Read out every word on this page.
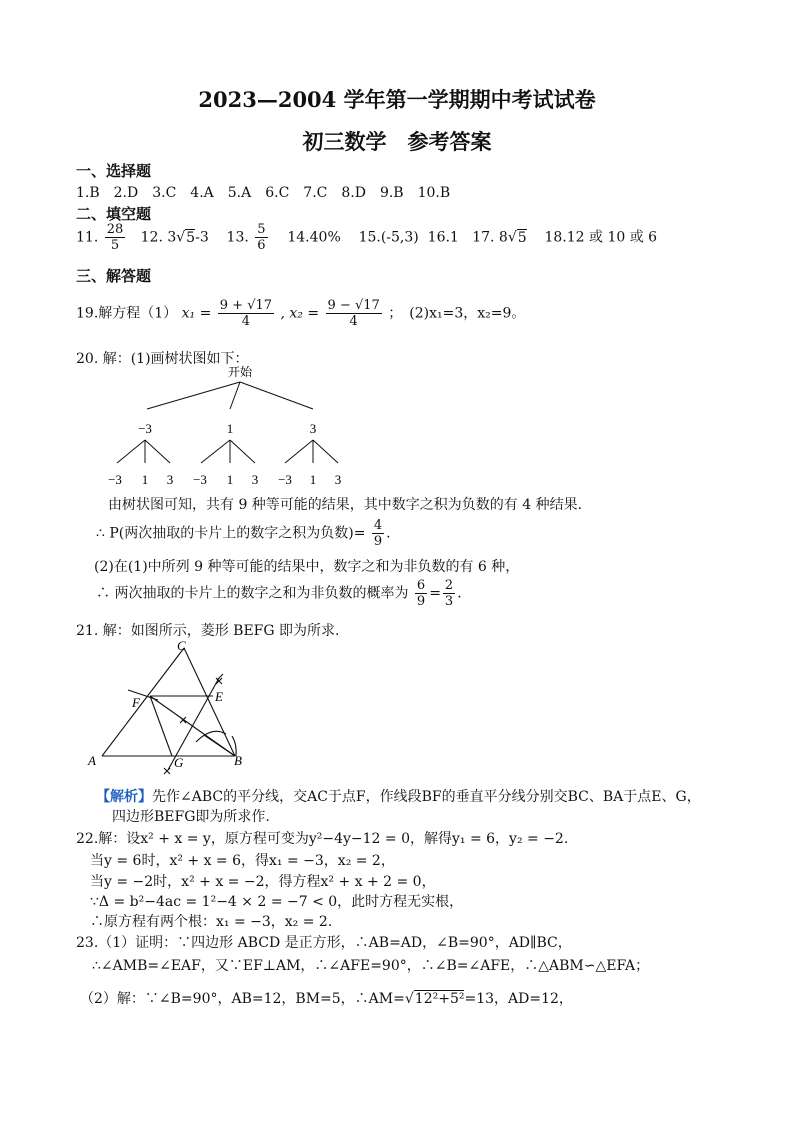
2023—2004 学年第一学期期中考试试卷
初三数学　参考答案
一、选择题
1.B　2.D　3.C　4.A　5.A　6.C　7.C　8.D　9.B　10.B
二、填空题
11. $\frac{28}{5} 12$. 3√5-3 13. $\frac{5}{6} 14.40\%$ 15.(-5,3) 16.1 17. 8√5 18.12 或 10 或 6
三、解答题
19.解方程（1） $x_1 = \frac{9 + √17}{4}$ , $x_2 = \frac{9 - √17}{4}$ ；　(2)x₁=3，x₂=9。
20. 解：(1)画树状图如下：
开始
−3	1	3
−3 1 3 −3 1 3 −3 1 3
由树状图可知，共有 9 种等可能的结果，其中数字之积为负数的有 4 种结果.
∴ P(两次抽取的卡片上的数字之积为负数)= $\frac{4}{9}$ .
(2)在(1)中所列 9 种等可能的结果中，数字之和为非负数的有 6 种，
∴ 两次抽取的卡片上的数字之和为非负数的概率为 $\frac{6}{9} = \frac{2}{3}$ .
21. 解：如图所示，菱形 BEFG 即为所求.
A	B
C
E
F
G
【解析】先作∠ABC的平分线，交AC于点F，作线段BF的垂直平分线分别交BC、BA于点E、G，
四边形BEFG即为所求作.
22.解：设x² + x = y，原方程可变为y²−4y−12 = 0，解得y₁ = 6，y₂ = −2.
当y = 6时，x² + x = 6，得x₁ = −3，x₂ = 2，
当y = −2时，x² + x = −2，得方程x² + x + 2 = 0，
∵Δ = b²−4ac = 1²−4 × 2 = −7 < 0，此时方程无实根，
∴原方程有两个根：x₁ = −3，x₂ = 2.
23.（1）证明：∵四边形 ABCD 是正方形，∴AB=AD，∠B=90°，AD∥BC，
∴∠AMB=∠EAF，又∵EF⊥AM，∴∠AFE=90°，∴∠B=∠AFE，∴△ABM∽△EFA；
（2）解：∵∠B=90°，AB=12，BM=5，∴AM=√12²+5²=13，AD=12，
